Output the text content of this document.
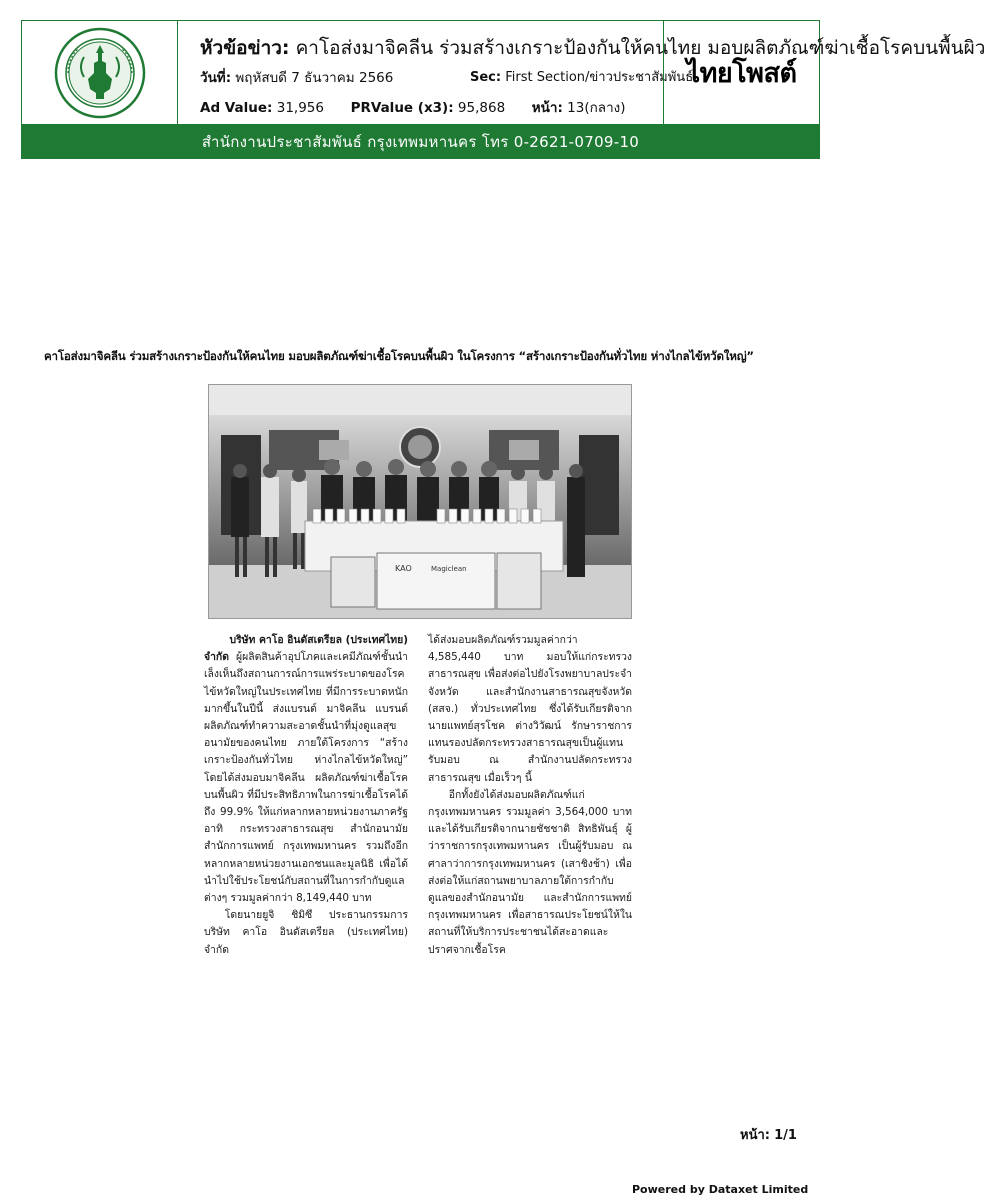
หัวข้อข่าว: คาโอส่งมาจิคลีน ร่วมสร้างเกราะป้องกันให้คนไทย มอบผลิตภัณฑ์ฆ่าเชื้อโรคบนพื้นผิว
วันที่: พฤหัสบดี 7 ธันวาคม 2566	Sec: First Section/ข่าวประชาสัมพันธ์
Ad Value: 31,956 PRValue (x3): 95,868 หน้า: 13(กลาง)
ไทยโพสต์
สำนักงานประชาสัมพันธ์ กรุงเทพมหานคร โทร 0-2621-0709-10
คาโอส่งมาจิคลีน ร่วมสร้างเกราะป้องกันให้คนไทย มอบผลิตภัณฑ์ฆ่าเชื้อโรคบนพื้นผิว ในโครงการ “สร้างเกราะป้องกันทั่วไทย ห่างไกลไข้หวัดใหญ่”
KAO	Magiclean
บริษัท คาโอ อินดัสเตรียล (ประเทศไทย)

จำกัด ผู้ผลิตสินค้าอุปโภคและเคมีภัณฑ์ชั้นนำ เล็งเห็นถึงสถานการณ์การแพร่ระบาดของโรคไข้หวัดใหญ่ในประเทศไทย ที่มีการระบาดหนักมากขึ้นในปีนี้ ส่งแบรนด์ มาจิคลีน แบรนด์ผลิตภัณฑ์ทำความสะอาดชั้นนำที่มุ่งดูแลสุขอนามัยของคนไทย ภายใต้โครงการ “สร้างเกราะป้องกันทั่วไทย ห่างไกลไข้หวัดใหญ่” โดยได้ส่งมอบมาจิคลีน ผลิตภัณฑ์ฆ่าเชื้อโรคบนพื้นผิว ที่มีประสิทธิภาพในการฆ่าเชื้อโรคได้ถึง 99.9% ให้แก่หลากหลายหน่วยงานภาครัฐ อาทิ กระทรวงสาธารณสุข สำนักอนามัย สำนักการแพทย์ กรุงเทพมหานคร รวมถึงอีกหลากหลายหน่วยงานเอกชนและมูลนิธิ เพื่อได้นำไปใช้ประโยชน์กับสถานที่ในการกำกับดูแลต่างๆ รวมมูลค่ากว่า 8,149,440 บาท

  โดยนายยูจิ ชิมิซึ ประธานกรรมการ บริษัท คาโอ อินดัสเตรียล (ประเทศไทย) จำกัด

ได้ส่งมอบผลิตภัณฑ์รวมมูลค่ากว่า 4,585,440 บาท มอบให้แก่กระทรวงสาธารณสุข เพื่อส่งต่อไปยังโรงพยาบาลประจำจังหวัด และสำนักงานสาธารณสุขจังหวัด (สสจ.) ทั่วประเทศไทย ซึ่งได้รับเกียรติจากนายแพทย์สุรโชค ต่างวิวัฒน์ รักษาราชการแทนรองปลัดกระทรวงสาธารณสุขเป็นผู้แทนรับมอบ ณ สำนักงานปลัดกระทรวงสาธารณสุข เมื่อเร็วๆ นี้

  อีกทั้งยังได้ส่งมอบผลิตภัณฑ์แก่กรุงเทพมหานคร รวมมูลค่า 3,564,000 บาท และได้รับเกียรติจากนายชัชชาติ สิทธิพันธุ์ ผู้ว่าราชการกรุงเทพมหานคร เป็นผู้รับมอบ ณ ศาลาว่าการกรุงเทพมหานคร (เสาชิงช้า) เพื่อส่งต่อให้แก่สถานพยาบาลภายใต้การกำกับดูแลของสำนักอนามัย และสำนักการแพทย์ กรุงเทพมหานคร เพื่อสาธารณประโยชน์ให้ในสถานที่ให้บริการประชาชนได้สะอาดและปราศจากเชื้อโรค

หน้า: 1/1
Powered by Dataxet Limited
